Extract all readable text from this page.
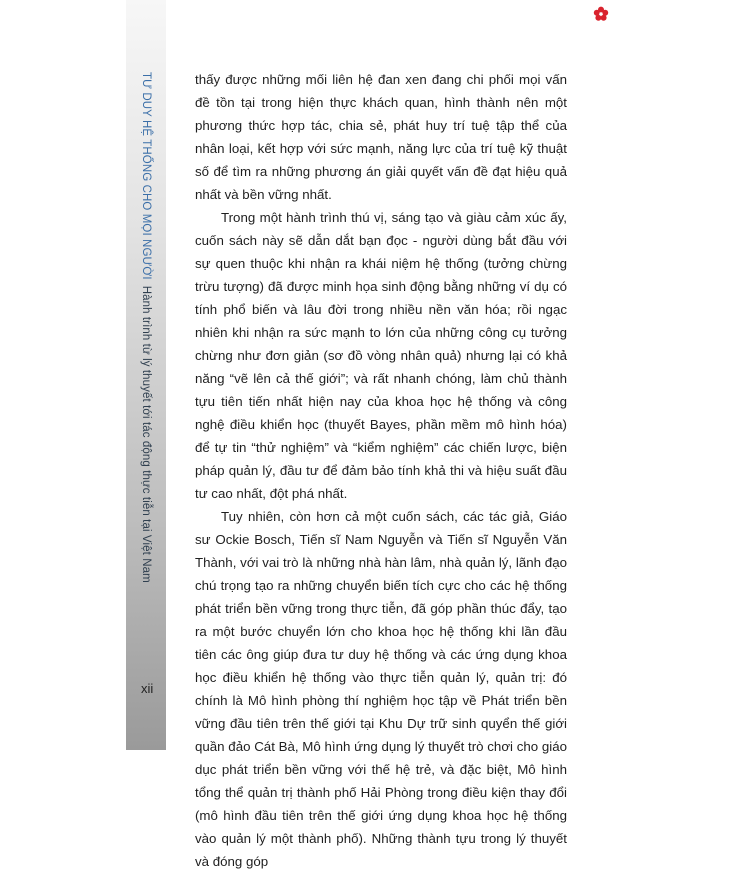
TƯ DUY HỆ THỐNG CHO MỌI NGƯỜIHành trình từ lý thuyết tới tác động thực tiễn tại Việt Nam

thấy được những mối liên hệ đan xen đang chi phối mọi vấn đề tồn tại trong hiện thực khách quan, hình thành nên một phương thức hợp tác, chia sẻ, phát huy trí tuệ tập thể của nhân loại, kết hợp với sức mạnh, năng lực của trí tuệ kỹ thuật số để tìm ra những phương án giải quyết vấn đề đạt hiệu quả nhất và bền vững nhất.

Trong một hành trình thú vị, sáng tạo và giàu cảm xúc ấy, cuốn sách này sẽ dẫn dắt bạn đọc - người dùng bắt đầu với sự quen thuộc khi nhận ra khái niệm hệ thống (tưởng chừng trừu tượng) đã được minh họa sinh động bằng những ví dụ có tính phổ biến và lâu đời trong nhiều nền văn hóa; rồi ngạc nhiên khi nhận ra sức mạnh to lớn của những công cụ tưởng chừng như đơn giản (sơ đồ vòng nhân quả) nhưng lại có khả năng “vẽ lên cả thế giới”; và rất nhanh chóng, làm chủ thành tựu tiên tiến nhất hiện nay của khoa học hệ thống và công nghệ điều khiển học (thuyết Bayes, phần mềm mô hình hóa) để tự tin “thử nghiệm” và “kiểm nghiệm” các chiến lược, biện pháp quản lý, đầu tư để đảm bảo tính khả thi và hiệu suất đầu tư cao nhất, đột phá nhất.

Tuy nhiên, còn hơn cả một cuốn sách, các tác giả, Giáo sư Ockie Bosch, Tiến sĩ Nam Nguyễn và Tiến sĩ Nguyễn Văn Thành, với vai trò là những nhà hàn lâm, nhà quản lý, lãnh đạo chú trọng tạo ra những chuyển biến tích cực cho các hệ thống phát triển bền vững trong thực tiễn, đã góp phần thúc đẩy, tạo ra một bước chuyển lớn cho khoa học hệ thống khi lần đầu tiên các ông giúp đưa tư duy hệ thống và các ứng dụng khoa học điều khiển hệ thống vào thực tiễn quản lý, quản trị: đó chính là Mô hình phòng thí nghiệm học tập về Phát triển bền vững đầu tiên trên thế giới tại Khu Dự trữ sinh quyển thế giới quần đảo Cát Bà, Mô hình ứng dụng lý thuyết trò chơi cho giáo dục phát triển bền vững với thế hệ trẻ, và đặc biệt, Mô hình tổng thể quản trị thành phố Hải Phòng trong điều kiện thay đổi (mô hình đầu tiên trên thế giới ứng dụng khoa học hệ thống vào quản lý một thành phố). Những thành tựu trong lý thuyết và đóng góp

xii
